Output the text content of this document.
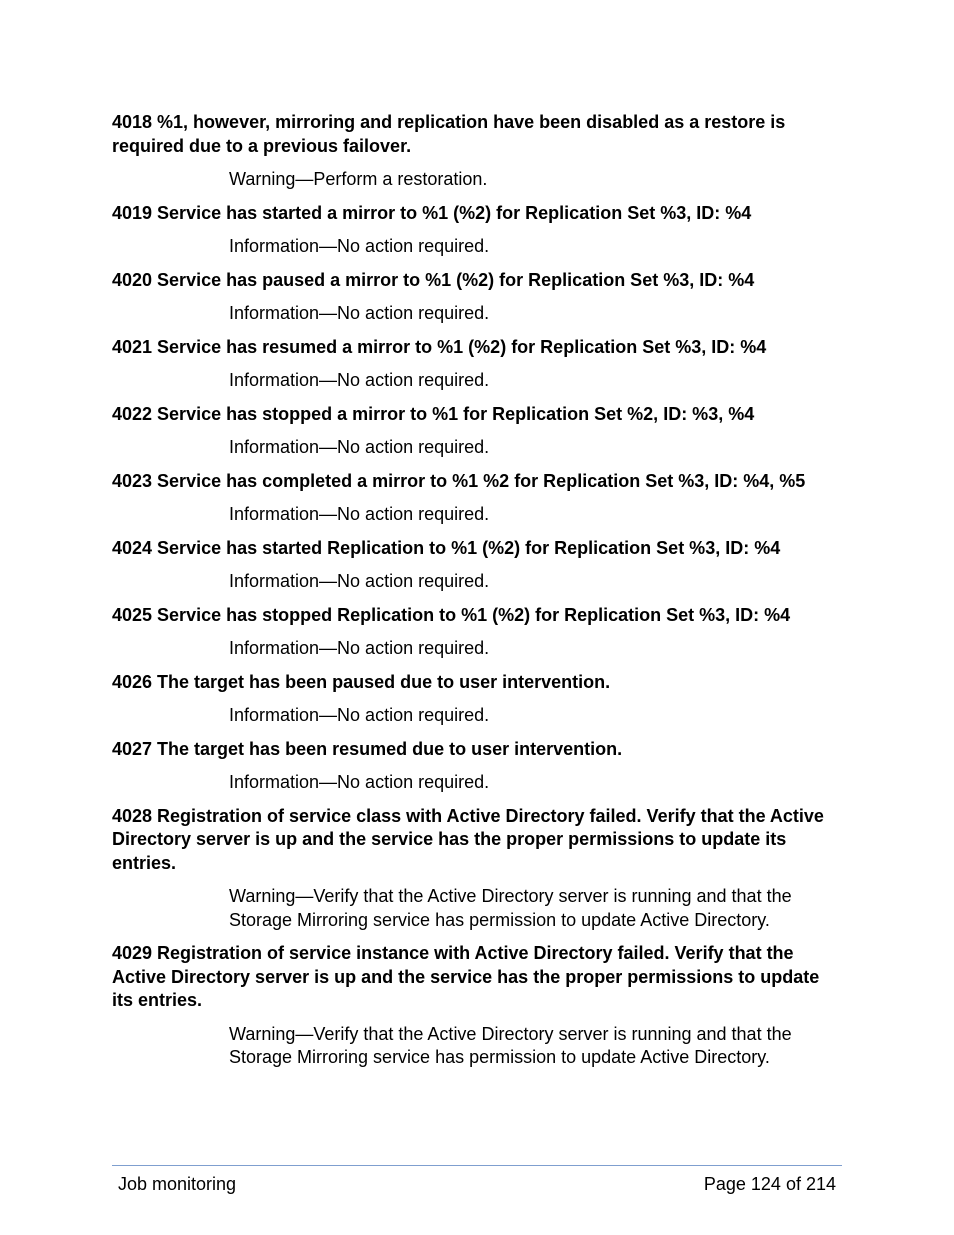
4018 %1, however, mirroring and replication have been disabled as a restore is required due to a previous failover.
Warning—Perform a restoration.
4019 Service has started a mirror to %1 (%2) for Replication Set %3, ID: %4
Information—No action required.
4020 Service has paused a mirror to %1 (%2) for Replication Set %3, ID: %4
Information—No action required.
4021 Service has resumed a mirror to %1 (%2) for Replication Set %3, ID: %4
Information—No action required.
4022 Service has stopped a mirror to %1 for Replication Set %2, ID: %3, %4
Information—No action required.
4023 Service has completed a mirror to %1 %2 for Replication Set %3, ID: %4, %5
Information—No action required.
4024 Service has started Replication to %1 (%2) for Replication Set %3, ID: %4
Information—No action required.
4025 Service has stopped Replication to %1 (%2) for Replication Set %3, ID: %4
Information—No action required.
4026 The target has been paused due to user intervention.
Information—No action required.
4027 The target has been resumed due to user intervention.
Information—No action required.
4028 Registration of service class with Active Directory failed. Verify that the Active Directory server is up and the service has the proper permissions to update its entries.
Warning—Verify that the Active Directory server is running and that the Storage Mirroring service has permission to update Active Directory.
4029 Registration of service instance with Active Directory failed. Verify that the Active Directory server is up and the service has the proper permissions to update its entries.
Warning—Verify that the Active Directory server is running and that the Storage Mirroring service has permission to update Active Directory.
Job monitoring	Page 124 of 214
